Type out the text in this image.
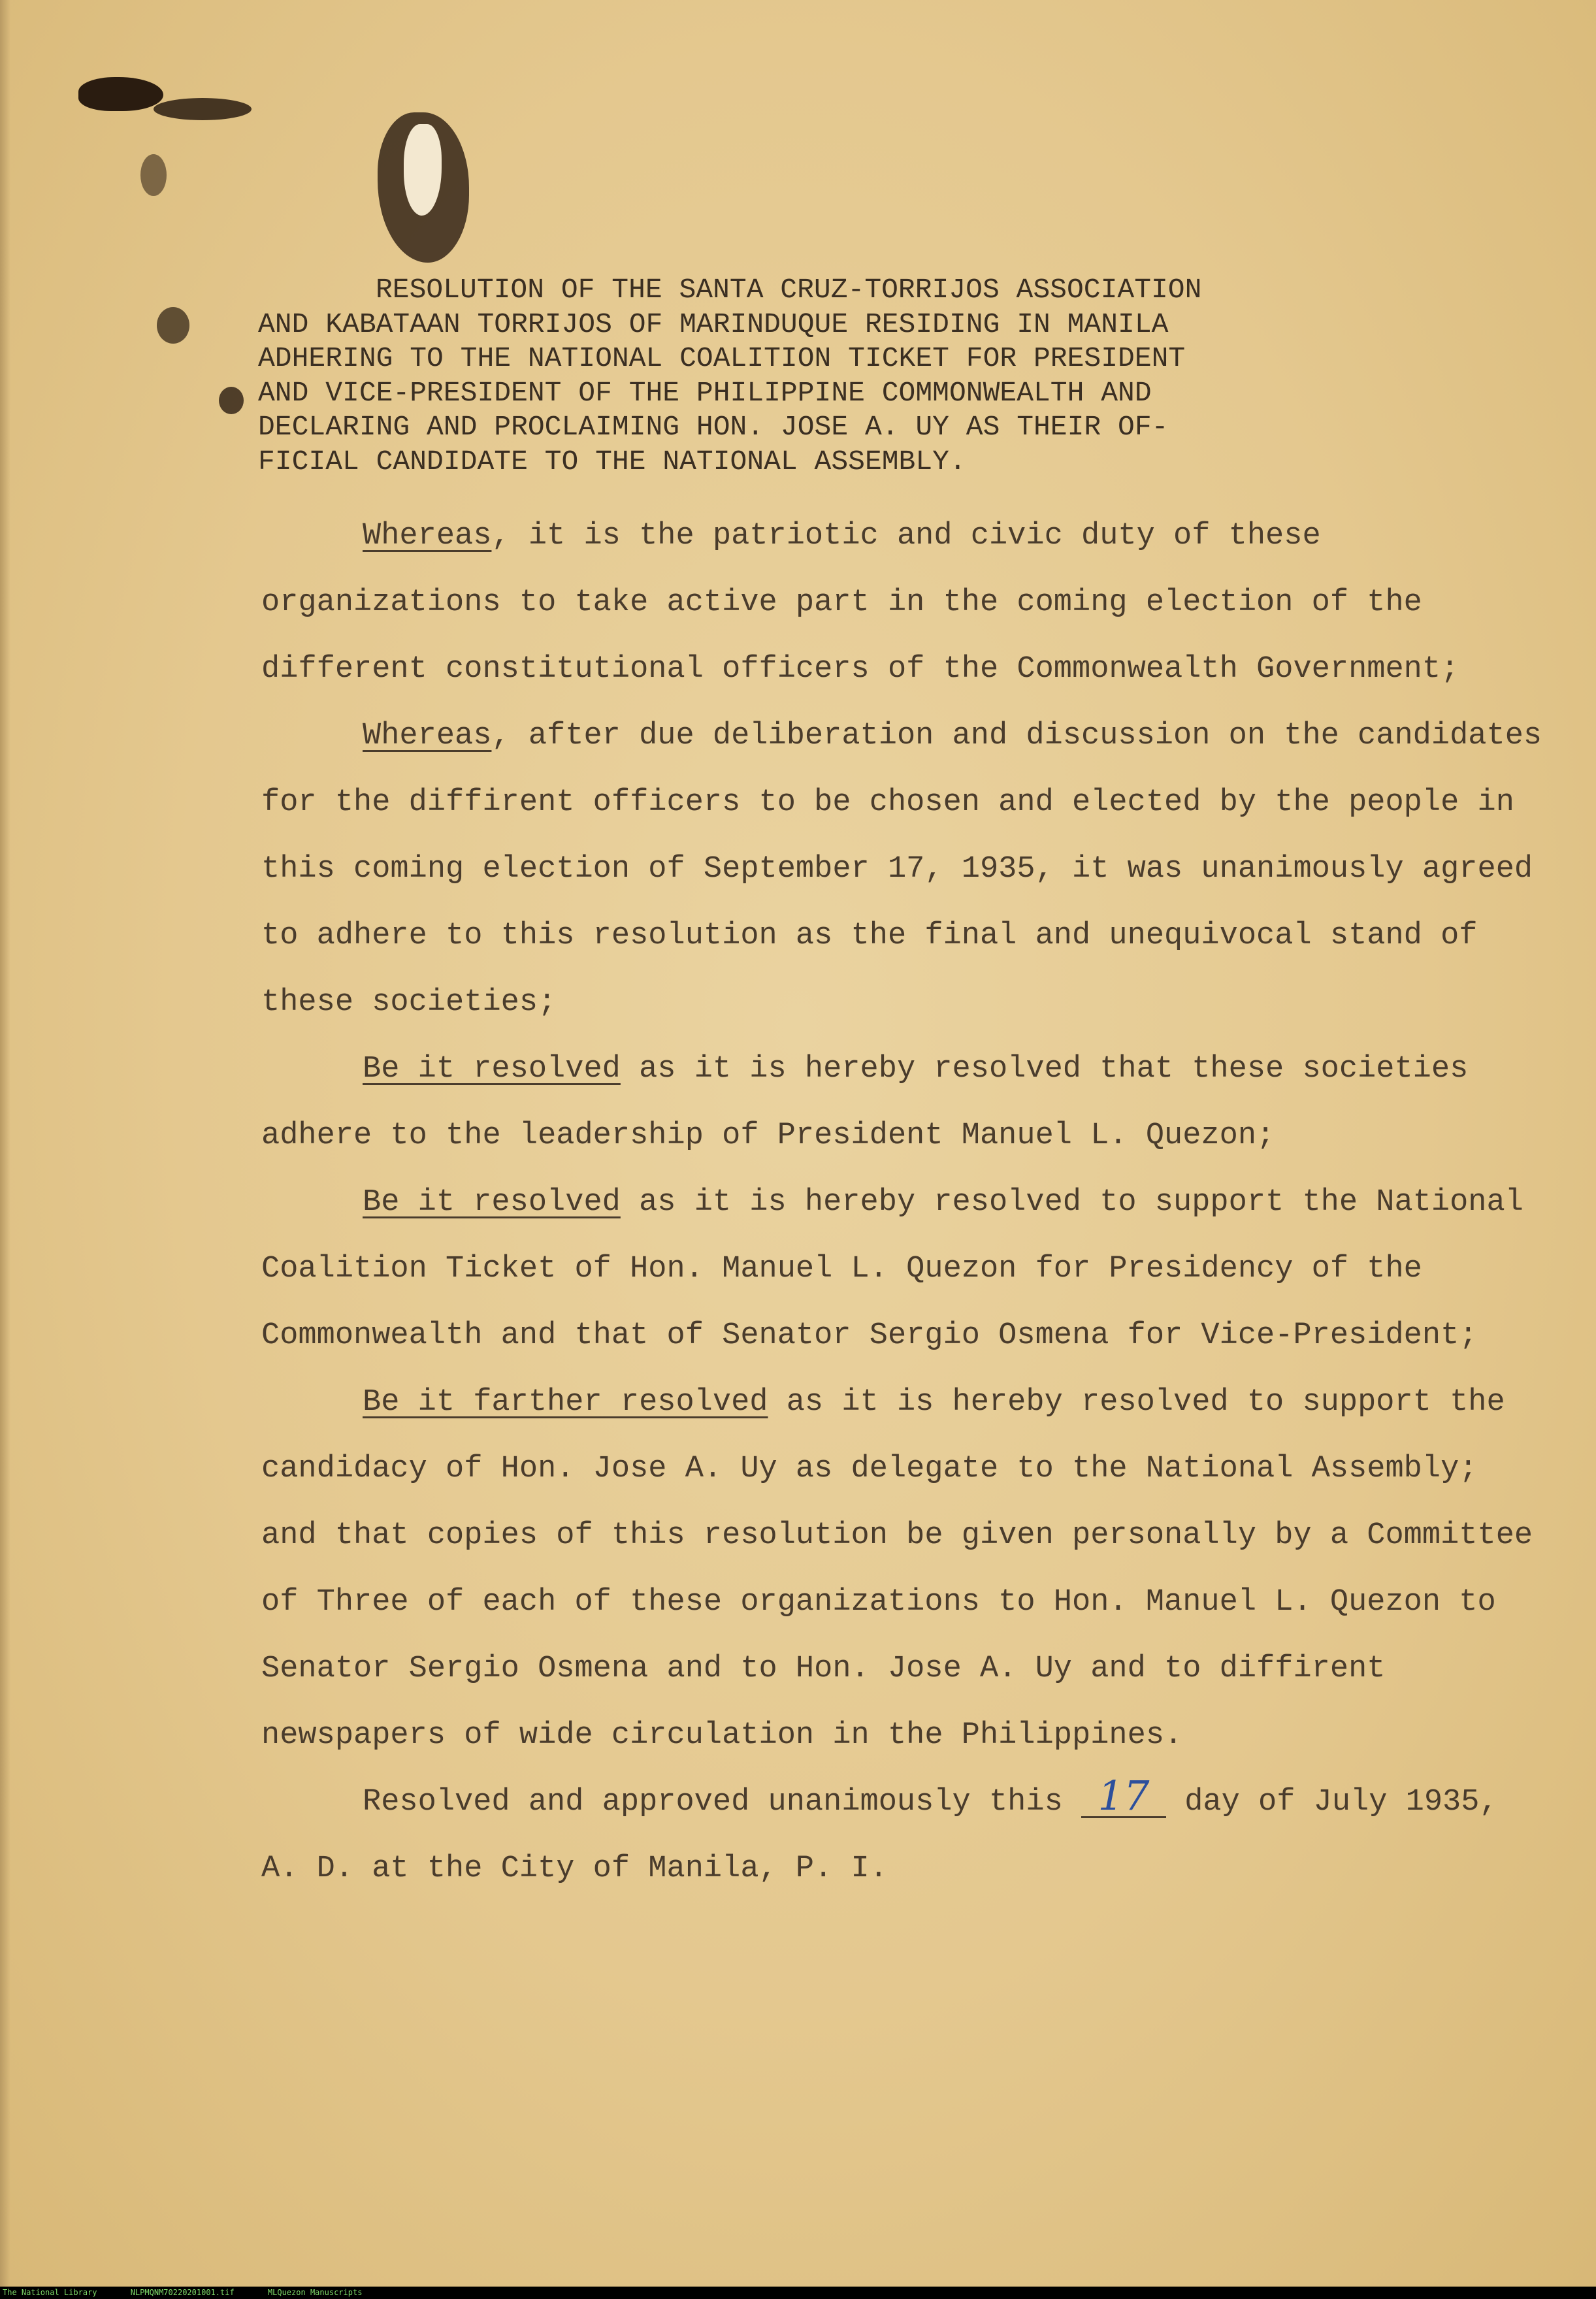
RESOLUTION OF THE SANTA CRUZ-TORRIJOS ASSOCIATION
AND KABATAAN TORRIJOS OF MARINDUQUE RESIDING IN MANILA
ADHERING TO THE NATIONAL COALITION TICKET FOR PRESIDENT
AND VICE-PRESIDENT OF THE PHILIPPINE COMMONWEALTH AND
DECLARING AND PROCLAIMING HON. JOSE A. UY AS THEIR OF-
FICIAL CANDIDATE TO THE NATIONAL ASSEMBLY.

Whereas, it is the patriotic and civic duty of these organizations to take active part in the coming election of the different constitutional officers of the Commonwealth Government;

Whereas, after due deliberation and discussion on the candidates for the diffirent officers to be chosen and elected by the people in this coming election of September 17, 1935, it was unanimously agreed to adhere to this resolution as the final and unequivocal stand of these societies;

Be it resolved as it is hereby resolved that these societies adhere to the leadership of President Manuel L. Quezon;

Be it resolved as it is hereby resolved to support the National Coalition Ticket of Hon. Manuel L. Quezon for Presidency of the Commonwealth and that of Senator Sergio Osmena for Vice-President;

Be it farther resolved as it is hereby resolved to support the candidacy of Hon. Jose A. Uy as delegate to the National Assembly; and that copies of this resolution be given personally by a Committee of Three of each of these organizations to Hon. Manuel L. Quezon to Senator Sergio Osmena and to Hon. Jose A. Uy and to diffirent newspapers of wide circulation in the Philippines.

Resolved and approved unanimously this 17 day of July 1935, A. D. at the City of Manila, P. I.

The National Library	NLPMQNM70220201001.tif	MLQuezon Manuscripts
